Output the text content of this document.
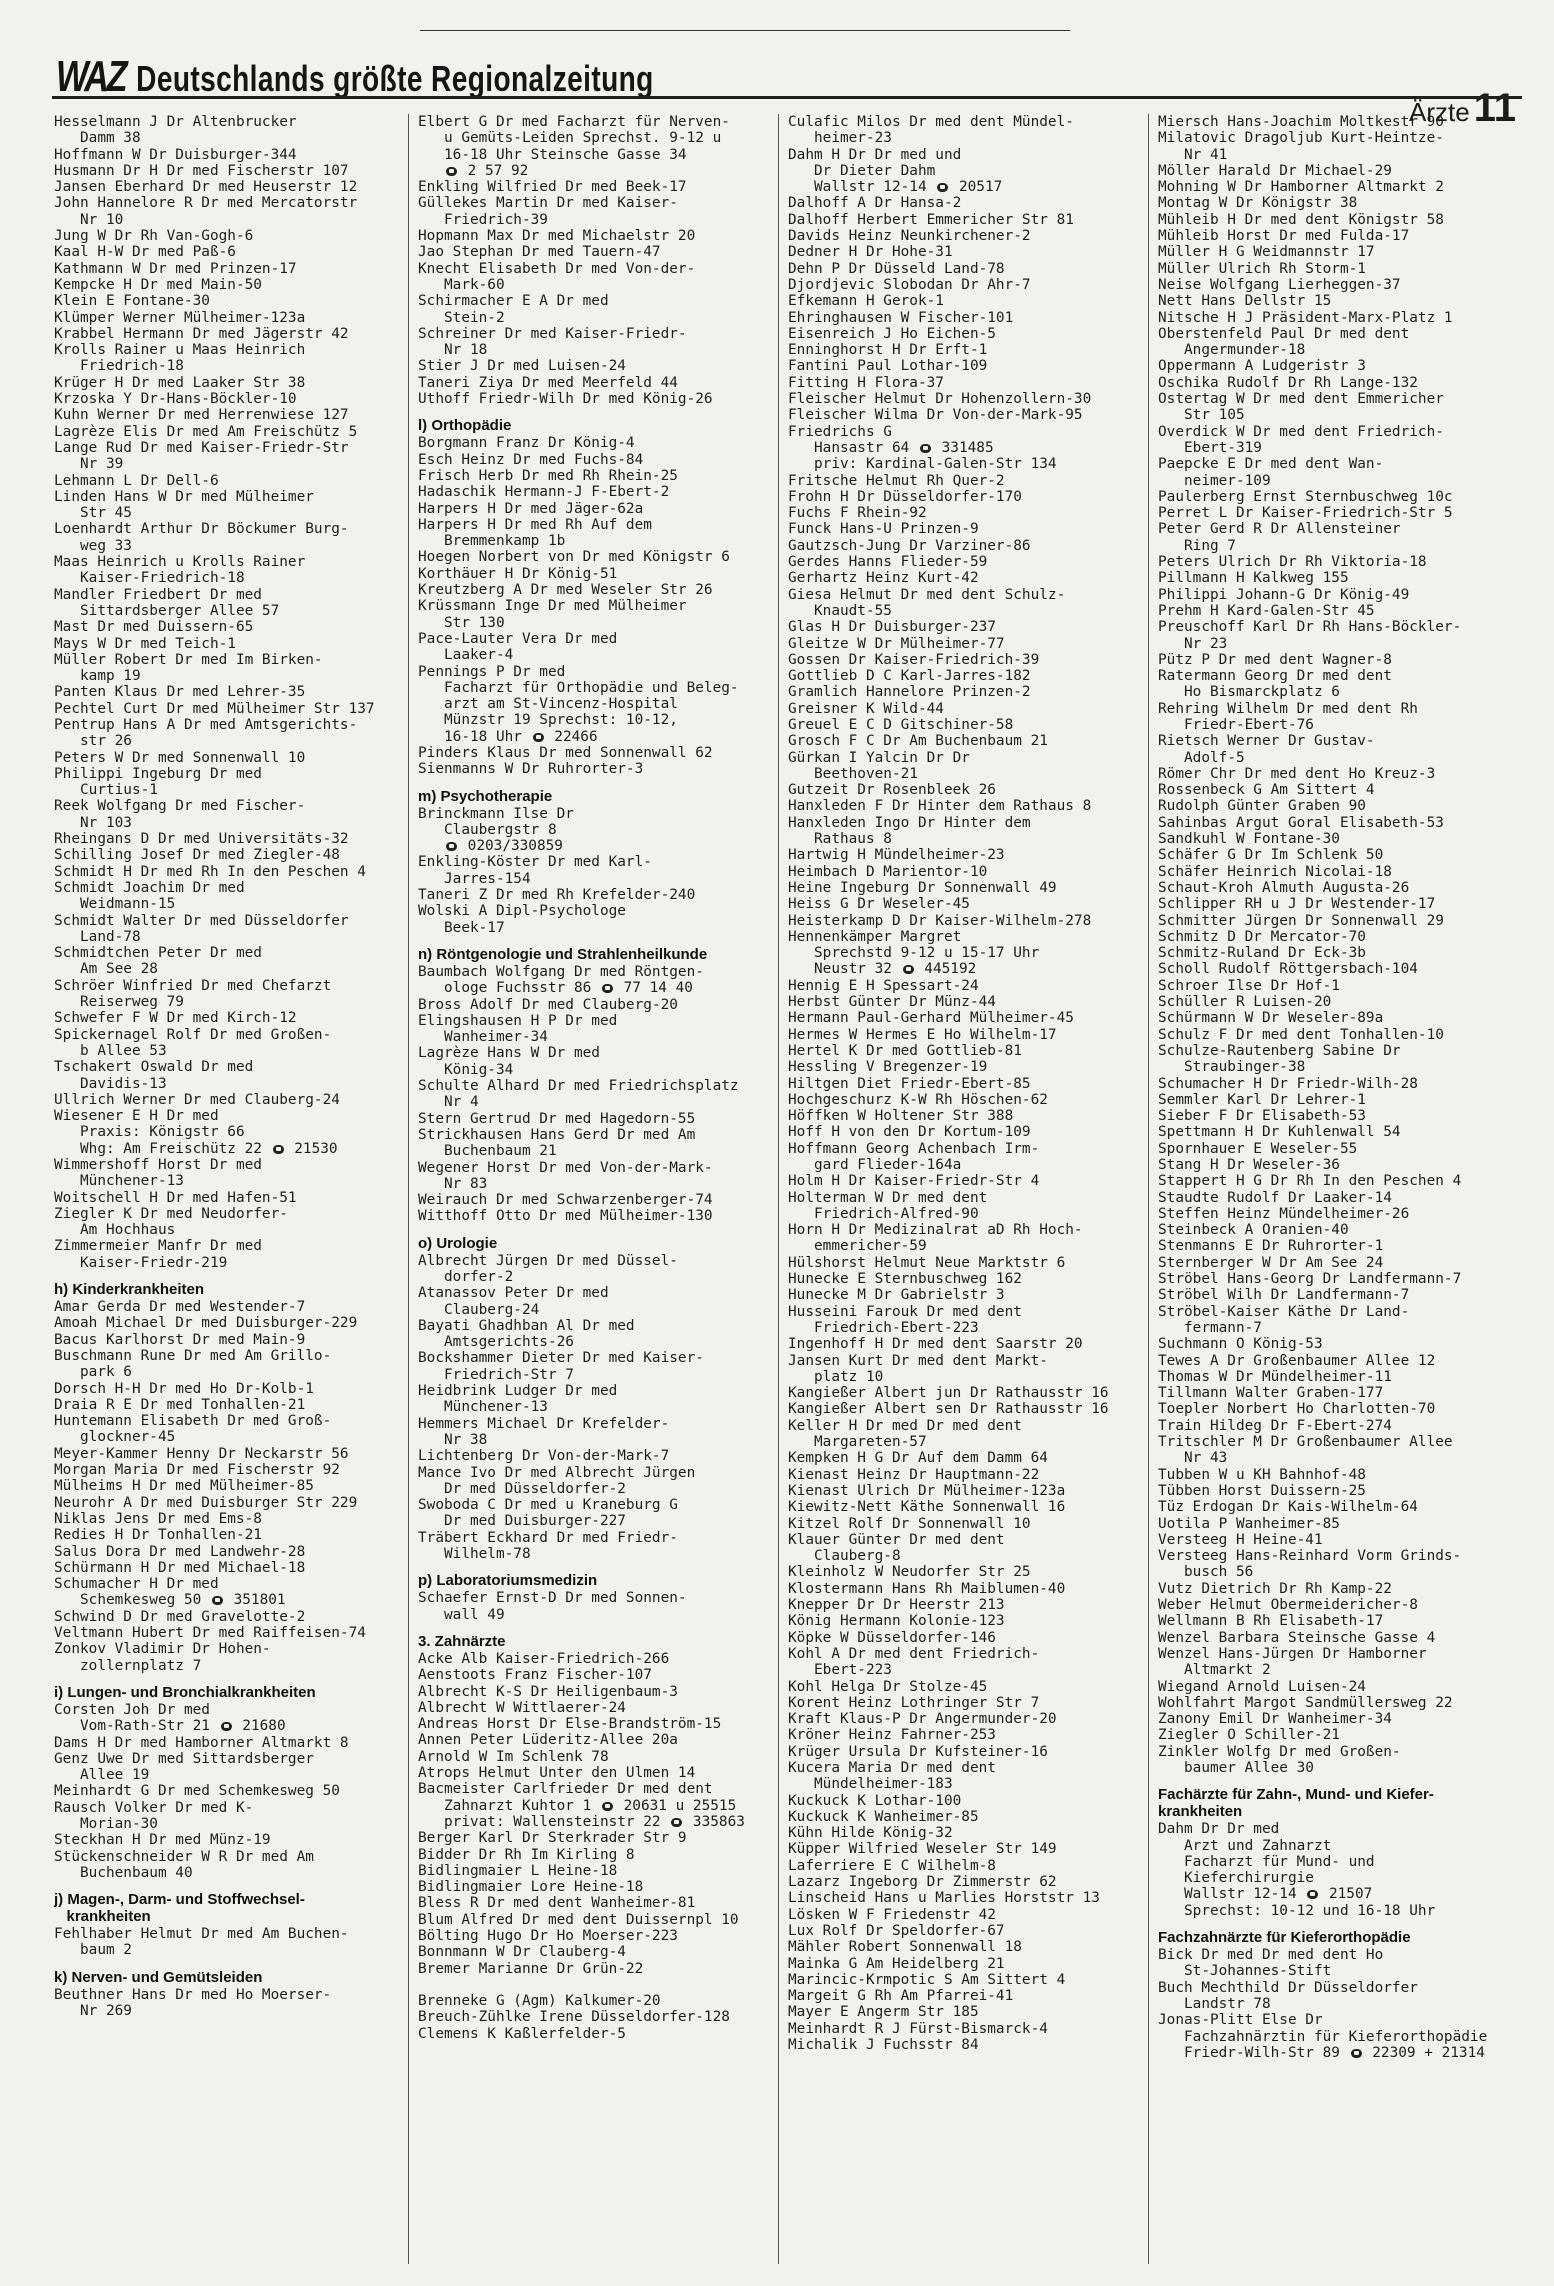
WAZ Deutschlands größte Regionalzeitung
Ärzte 11
Hesselmann J Dr Altenbrucker
Damm 38
Hoffmann W Dr Duisburger-344
Husmann Dr H Dr med Fischerstr 107
Jansen Eberhard Dr med Heuserstr 12
John Hannelore R Dr med Mercatorstr
Nr 10
Jung W Dr Rh Van-Gogh-6
Kaal H-W Dr med Paß-6
Kathmann W Dr med Prinzen-17
Kempcke H Dr med Main-50
Klein E Fontane-30
Klümper Werner Mülheimer-123a
Krabbel Hermann Dr med Jägerstr 42
Krolls Rainer u Maas Heinrich
Friedrich-18
Krüger H Dr med Laaker Str 38
Krzoska Y Dr-Hans-Böckler-10
Kuhn Werner Dr med Herrenwiese 127
Lagrèze Elis Dr med Am Freischütz 5
Lange Rud Dr med Kaiser-Friedr-Str
Nr 39
Lehmann L Dr Dell-6
Linden Hans W Dr med Mülheimer
Str 45
Loenhardt Arthur Dr Böckumer Burg-
weg 33
Maas Heinrich u Krolls Rainer
Kaiser-Friedrich-18
Mandler Friedbert Dr med
Sittardsberger Allee 57
Mast Dr med Duissern-65
Mays W Dr med Teich-1
Müller Robert Dr med Im Birken-
kamp 19
Panten Klaus Dr med Lehrer-35
Pechtel Curt Dr med Mülheimer Str 137
Pentrup Hans A Dr med Amtsgerichts-
str 26
Peters W Dr med Sonnenwall 10
Philippi Ingeburg Dr med
Curtius-1
Reek Wolfgang Dr med Fischer-
Nr 103
Rheingans D Dr med Universitäts-32
Schilling Josef Dr med Ziegler-48
Schmidt H Dr med Rh In den Peschen 4
Schmidt Joachim Dr med
Weidmann-15
Schmidt Walter Dr med Düsseldorfer
Land-78
Schmidtchen Peter Dr med
Am See 28
Schröer Winfried Dr med Chefarzt
Reiserweg 79
Schwefer F W Dr med Kirch-12
Spickernagel Rolf Dr med Großen-
b Allee 53
Tschakert Oswald Dr med
Davidis-13
Ullrich Werner Dr med Clauberg-24
Wiesener E H Dr med
Praxis: Königstr 66
Whg: Am Freischütz 22  21530
Wimmershoff Horst Dr med
Münchener-13
Woitschell H Dr med Hafen-51
Ziegler K Dr med Neudorfer-
Am Hochhaus
Zimmermeier Manfr Dr med
Kaiser-Friedr-219
h) Kinderkrankheiten
Amar Gerda Dr med Westender-7
Amoah Michael Dr med Duisburger-229
Bacus Karlhorst Dr med Main-9
Buschmann Rune Dr med Am Grillo-
park 6
Dorsch H-H Dr med Ho Dr-Kolb-1
Draia R E Dr med Tonhallen-21
Huntemann Elisabeth Dr med Groß-
glockner-45
Meyer-Kammer Henny Dr Neckarstr 56
Morgan Maria Dr med Fischerstr 92
Mülheims H Dr med Mülheimer-85
Neurohr A Dr med Duisburger Str 229
Niklas Jens Dr med Ems-8
Redies H Dr Tonhallen-21
Salus Dora Dr med Landwehr-28
Schürmann H Dr med Michael-18
Schumacher H Dr med
Schemkesweg 50  351801
Schwind D Dr med Gravelotte-2
Veltmann Hubert Dr med Raiffeisen-74
Zonkov Vladimir Dr Hohen-
zollernplatz 7
i) Lungen- und Bronchialkrankheiten
Corsten Joh Dr med
Vom-Rath-Str 21  21680
Dams H Dr med Hamborner Altmarkt 8
Genz Uwe Dr med Sittardsberger
Allee 19
Meinhardt G Dr med Schemkesweg 50
Rausch Volker Dr med K-
Morian-30
Steckhan H Dr med Münz-19
Stückenschneider W R Dr med Am
Buchenbaum 40
j) Magen-, Darm- und Stoffwechsel-
krankheiten
Fehlhaber Helmut Dr med Am Buchen-
baum 2
k) Nerven- und Gemütsleiden
Beuthner Hans Dr med Ho Moerser-
Nr 269
Elbert G Dr med Facharzt für Nerven-
u Gemüts-Leiden Sprechst. 9-12 u
16-18 Uhr Steinsche Gasse 34
2 57 92
Enkling Wilfried Dr med Beek-17
Güllekes Martin Dr med Kaiser-
Friedrich-39
Hopmann Max Dr med Michaelstr 20
Jao Stephan Dr med Tauern-47
Knecht Elisabeth Dr med Von-der-
Mark-60
Schirmacher E A Dr med
Stein-2
Schreiner Dr med Kaiser-Friedr-
Nr 18
Stier J Dr med Luisen-24
Taneri Ziya Dr med Meerfeld 44
Uthoff Friedr-Wilh Dr med König-26
l) Orthopädie
Borgmann Franz Dr König-4
Esch Heinz Dr med Fuchs-84
Frisch Herb Dr med Rh Rhein-25
Hadaschik Hermann-J F-Ebert-2
Harpers H Dr med Jäger-62a
Harpers H Dr med Rh Auf dem
Bremmenkamp 1b
Hoegen Norbert von Dr med Königstr 6
Korthäuer H Dr König-51
Kreutzberg A Dr med Weseler Str 26
Krüssmann Inge Dr med Mülheimer
Str 130
Pace-Lauter Vera Dr med
Laaker-4
Pennings P Dr med
Facharzt für Orthopädie und Beleg-
arzt am St-Vincenz-Hospital
Münzstr 19 Sprechst: 10-12,
16-18 Uhr  22466
Pinders Klaus Dr med Sonnenwall 62
Sienmanns W Dr Ruhrorter-3
m) Psychotherapie
Brinckmann Ilse Dr
Claubergstr 8
0203/330859
Enkling-Köster Dr med Karl-
Jarres-154
Taneri Z Dr med Rh Krefelder-240
Wolski A Dipl-Psychologe
Beek-17
n) Röntgenologie und Strahlenheilkunde
Baumbach Wolfgang Dr med Röntgen-
ologe Fuchsstr 86  77 14 40
Bross Adolf Dr med Clauberg-20
Elingshausen H P Dr med
Wanheimer-34
Lagrèze Hans W Dr med
König-34
Schulte Alhard Dr med Friedrichsplatz
Nr 4
Stern Gertrud Dr med Hagedorn-55
Strickhausen Hans Gerd Dr med Am
Buchenbaum 21
Wegener Horst Dr med Von-der-Mark-
Nr 83
Weirauch Dr med Schwarzenberger-74
Witthoff Otto Dr med Mülheimer-130
o) Urologie
Albrecht Jürgen Dr med Düssel-
dorfer-2
Atanassov Peter Dr med
Clauberg-24
Bayati Ghadhban Al Dr med
Amtsgerichts-26
Bockshammer Dieter Dr med Kaiser-
Friedrich-Str 7
Heidbrink Ludger Dr med
Münchener-13
Hemmers Michael Dr Krefelder-
Nr 38
Lichtenberg Dr Von-der-Mark-7
Mance Ivo Dr med Albrecht Jürgen
Dr med Düsseldorfer-2
Swoboda C Dr med u Kraneburg G
Dr med Duisburger-227
Träbert Eckhard Dr med Friedr-
Wilhelm-78
p) Laboratoriumsmedizin
Schaefer Ernst-D Dr med Sonnen-
wall 49
3. Zahnärzte
Acke Alb Kaiser-Friedrich-266
Aenstoots Franz Fischer-107
Albrecht K-S Dr Heiligenbaum-3
Albrecht W Wittlaerer-24
Andreas Horst Dr Else-Brandström-15
Annen Peter Lüderitz-Allee 20a
Arnold W Im Schlenk 78
Atrops Helmut Unter den Ulmen 14
Bacmeister Carlfrieder Dr med dent
Zahnarzt Kuhtor 1  20631 u 25515
privat: Wallensteinstr 22  335863
Berger Karl Dr Sterkrader Str 9
Bidder Dr Rh Im Kirling 8
Bidlingmaier L Heine-18
Bidlingmaier Lore Heine-18
Bless R Dr med dent Wanheimer-81
Blum Alfred Dr med dent Duissernpl 10
Bölting Hugo Dr Ho Moerser-223
Bonnmann W Dr Clauberg-4
Bremer Marianne Dr Grün-22

Brenneke G (Agm) Kalkumer-20
Breuch-Zühlke Irene Düsseldorfer-128
Clemens K Kaßlerfelder-5
Culafic Milos Dr med dent Mündel-
heimer-23
Dahm H Dr Dr med und
Dr Dieter Dahm
Wallstr 12-14  20517
Dalhoff A Dr Hansa-2
Dalhoff Herbert Emmericher Str 81
Davids Heinz Neunkirchener-2
Dedner H Dr Hohe-31
Dehn P Dr Düsseld Land-78
Djordjevic Slobodan Dr Ahr-7
Efkemann H Gerok-1
Ehringhausen W Fischer-101
Eisenreich J Ho Eichen-5
Enninghorst H Dr Erft-1
Fantini Paul Lothar-109
Fitting H Flora-37
Fleischer Helmut Dr Hohenzollern-30
Fleischer Wilma Dr Von-der-Mark-95
Friedrichs G
Hansastr 64  331485
priv: Kardinal-Galen-Str 134
Fritsche Helmut Rh Quer-2
Frohn H Dr Düsseldorfer-170
Fuchs F Rhein-92
Funck Hans-U Prinzen-9
Gautzsch-Jung Dr Varziner-86
Gerdes Hanns Flieder-59
Gerhartz Heinz Kurt-42
Giesa Helmut Dr med dent Schulz-
Knaudt-55
Glas H Dr Duisburger-237
Gleitze W Dr Mülheimer-77
Gossen Dr Kaiser-Friedrich-39
Gottlieb D C Karl-Jarres-182
Gramlich Hannelore Prinzen-2
Greisner K Wild-44
Greuel E C D Gitschiner-58
Grosch F C Dr Am Buchenbaum 21
Gürkan I Yalcin Dr Dr
Beethoven-21
Gutzeit Dr Rosenbleek 26
Hanxleden F Dr Hinter dem Rathaus 8
Hanxleden Ingo Dr Hinter dem
Rathaus 8
Hartwig H Mündelheimer-23
Heimbach D Marientor-10
Heine Ingeburg Dr Sonnenwall 49
Heiss G Dr Weseler-45
Heisterkamp D Dr Kaiser-Wilhelm-278
Hennenkämper Margret
Sprechstd 9-12 u 15-17 Uhr
Neustr 32  445192
Hennig E H Spessart-24
Herbst Günter Dr Münz-44
Hermann Paul-Gerhard Mülheimer-45
Hermes W Hermes E Ho Wilhelm-17
Hertel K Dr med Gottlieb-81
Hessling V Bregenzer-19
Hiltgen Diet Friedr-Ebert-85
Hochgeschurz K-W Rh Höschen-62
Höffken W Holtener Str 388
Hoff H von den Dr Kortum-109
Hoffmann Georg Achenbach Irm-
gard Flieder-164a
Holm H Dr Kaiser-Friedr-Str 4
Holterman W Dr med dent
Friedrich-Alfred-90
Horn H Dr Medizinalrat aD Rh Hoch-
emmericher-59
Hülshorst Helmut Neue Marktstr 6
Hunecke E Sternbuschweg 162
Hunecke M Dr Gabrielstr 3
Husseini Farouk Dr med dent
Friedrich-Ebert-223
Ingenhoff H Dr med dent Saarstr 20
Jansen Kurt Dr med dent Markt-
platz 10
Kangießer Albert jun Dr Rathausstr 16
Kangießer Albert sen Dr Rathausstr 16
Keller H Dr med Dr med dent
Margareten-57
Kempken H G Dr Auf dem Damm 64
Kienast Heinz Dr Hauptmann-22
Kienast Ulrich Dr Mülheimer-123a
Kiewitz-Nett Käthe Sonnenwall 16
Kitzel Rolf Dr Sonnenwall 10
Klauer Günter Dr med dent
Clauberg-8
Kleinholz W Neudorfer Str 25
Klostermann Hans Rh Maiblumen-40
Knepper Dr Dr Heerstr 213
König Hermann Kolonie-123
Köpke W Düsseldorfer-146
Kohl A Dr med dent Friedrich-
Ebert-223
Kohl Helga Dr Stolze-45
Korent Heinz Lothringer Str 7
Kraft Klaus-P Dr Angermunder-20
Kröner Heinz Fahrner-253
Krüger Ursula Dr Kufsteiner-16
Kucera Maria Dr med dent
Mündelheimer-183
Kuckuck K Lothar-100
Kuckuck K Wanheimer-85
Kühn Hilde König-32
Küpper Wilfried Weseler Str 149
Laferriere E C Wilhelm-8
Lazarz Ingeborg Dr Zimmerstr 62
Linscheid Hans u Marlies Horststr 13
Lösken W F Friedenstr 42
Lux Rolf Dr Speldorfer-67
Mähler Robert Sonnenwall 18
Mainka G Am Heidelberg 21
Marincic-Krmpotic S Am Sittert 4
Margeit G Rh Am Pfarrei-41
Mayer E Angerm Str 185
Meinhardt R J Fürst-Bismarck-4
Michalik J Fuchsstr 84
Miersch Hans-Joachim Moltkestr 90
Milatovic Dragoljub Kurt-Heintze-
Nr 41
Möller Harald Dr Michael-29
Mohning W Dr Hamborner Altmarkt 2
Montag W Dr Königstr 38
Mühleib H Dr med dent Königstr 58
Mühleib Horst Dr med Fulda-17
Müller H G Weidmannstr 17
Müller Ulrich Rh Storm-1
Neise Wolfgang Lierheggen-37
Nett Hans Dellstr 15
Nitsche H J Präsident-Marx-Platz 1
Oberstenfeld Paul Dr med dent
Angermunder-18
Oppermann A Ludgeristr 3
Oschika Rudolf Dr Rh Lange-132
Ostertag W Dr med dent Emmericher
Str 105
Overdick W Dr med dent Friedrich-
Ebert-319
Paepcke E Dr med dent Wan-
neimer-109
Paulerberg Ernst Sternbuschweg 10c
Perret L Dr Kaiser-Friedrich-Str 5
Peter Gerd R Dr Allensteiner
Ring 7
Peters Ulrich Dr Rh Viktoria-18
Pillmann H Kalkweg 155
Philippi Johann-G Dr König-49
Prehm H Kard-Galen-Str 45
Preuschoff Karl Dr Rh Hans-Böckler-
Nr 23
Pütz P Dr med dent Wagner-8
Ratermann Georg Dr med dent
Ho Bismarckplatz 6
Rehring Wilhelm Dr med dent Rh
Friedr-Ebert-76
Rietsch Werner Dr Gustav-
Adolf-5
Römer Chr Dr med dent Ho Kreuz-3
Rossenbeck G Am Sittert 4
Rudolph Günter Graben 90
Sahinbas Argut Goral Elisabeth-53
Sandkuhl W Fontane-30
Schäfer G Dr Im Schlenk 50
Schäfer Heinrich Nicolai-18
Schaut-Kroh Almuth Augusta-26
Schlipper RH u J Dr Westender-17
Schmitter Jürgen Dr Sonnenwall 29
Schmitz D Dr Mercator-70
Schmitz-Ruland Dr Eck-3b
Scholl Rudolf Röttgersbach-104
Schroer Ilse Dr Hof-1
Schüller R Luisen-20
Schürmann W Dr Weseler-89a
Schulz F Dr med dent Tonhallen-10
Schulze-Rautenberg Sabine Dr
Straubinger-38
Schumacher H Dr Friedr-Wilh-28
Semmler Karl Dr Lehrer-1
Sieber F Dr Elisabeth-53
Spettmann H Dr Kuhlenwall 54
Spornhauer E Weseler-55
Stang H Dr Weseler-36
Stappert H G Dr Rh In den Peschen 4
Staudte Rudolf Dr Laaker-14
Steffen Heinz Mündelheimer-26
Steinbeck A Oranien-40
Stenmanns E Dr Ruhrorter-1
Sternberger W Dr Am See 24
Ströbel Hans-Georg Dr Landfermann-7
Ströbel Wilh Dr Landfermann-7
Ströbel-Kaiser Käthe Dr Land-
fermann-7
Suchmann O König-53
Tewes A Dr Großenbaumer Allee 12
Thomas W Dr Mündelheimer-11
Tillmann Walter Graben-177
Toepler Norbert Ho Charlotten-70
Train Hildeg Dr F-Ebert-274
Tritschler M Dr Großenbaumer Allee
Nr 43
Tubben W u KH Bahnhof-48
Tübben Horst Duissern-25
Tüz Erdogan Dr Kais-Wilhelm-64
Uotila P Wanheimer-85
Versteeg H Heine-41
Versteeg Hans-Reinhard Vorm Grinds-
busch 56
Vutz Dietrich Dr Rh Kamp-22
Weber Helmut Obermeidericher-8
Wellmann B Rh Elisabeth-17
Wenzel Barbara Steinsche Gasse 4
Wenzel Hans-Jürgen Dr Hamborner
Altmarkt 2
Wiegand Arnold Luisen-24
Wohlfahrt Margot Sandmüllersweg 22
Zanony Emil Dr Wanheimer-34
Ziegler O Schiller-21
Zinkler Wolfg Dr med Großen-
baumer Allee 30
Fachärzte für Zahn-, Mund- und Kiefer-
krankheiten
Dahm Dr Dr med
Arzt und Zahnarzt
Facharzt für Mund- und
Kieferchirurgie
Wallstr 12-14  21507
Sprechst: 10-12 und 16-18 Uhr
Fachzahnärzte für Kieferorthopädie
Bick Dr med Dr med dent Ho
St-Johannes-Stift
Buch Mechthild Dr Düsseldorfer
Landstr 78
Jonas-Plitt Else Dr
Fachzahnärztin für Kieferorthopädie
Friedr-Wilh-Str 89  22309 + 21314
